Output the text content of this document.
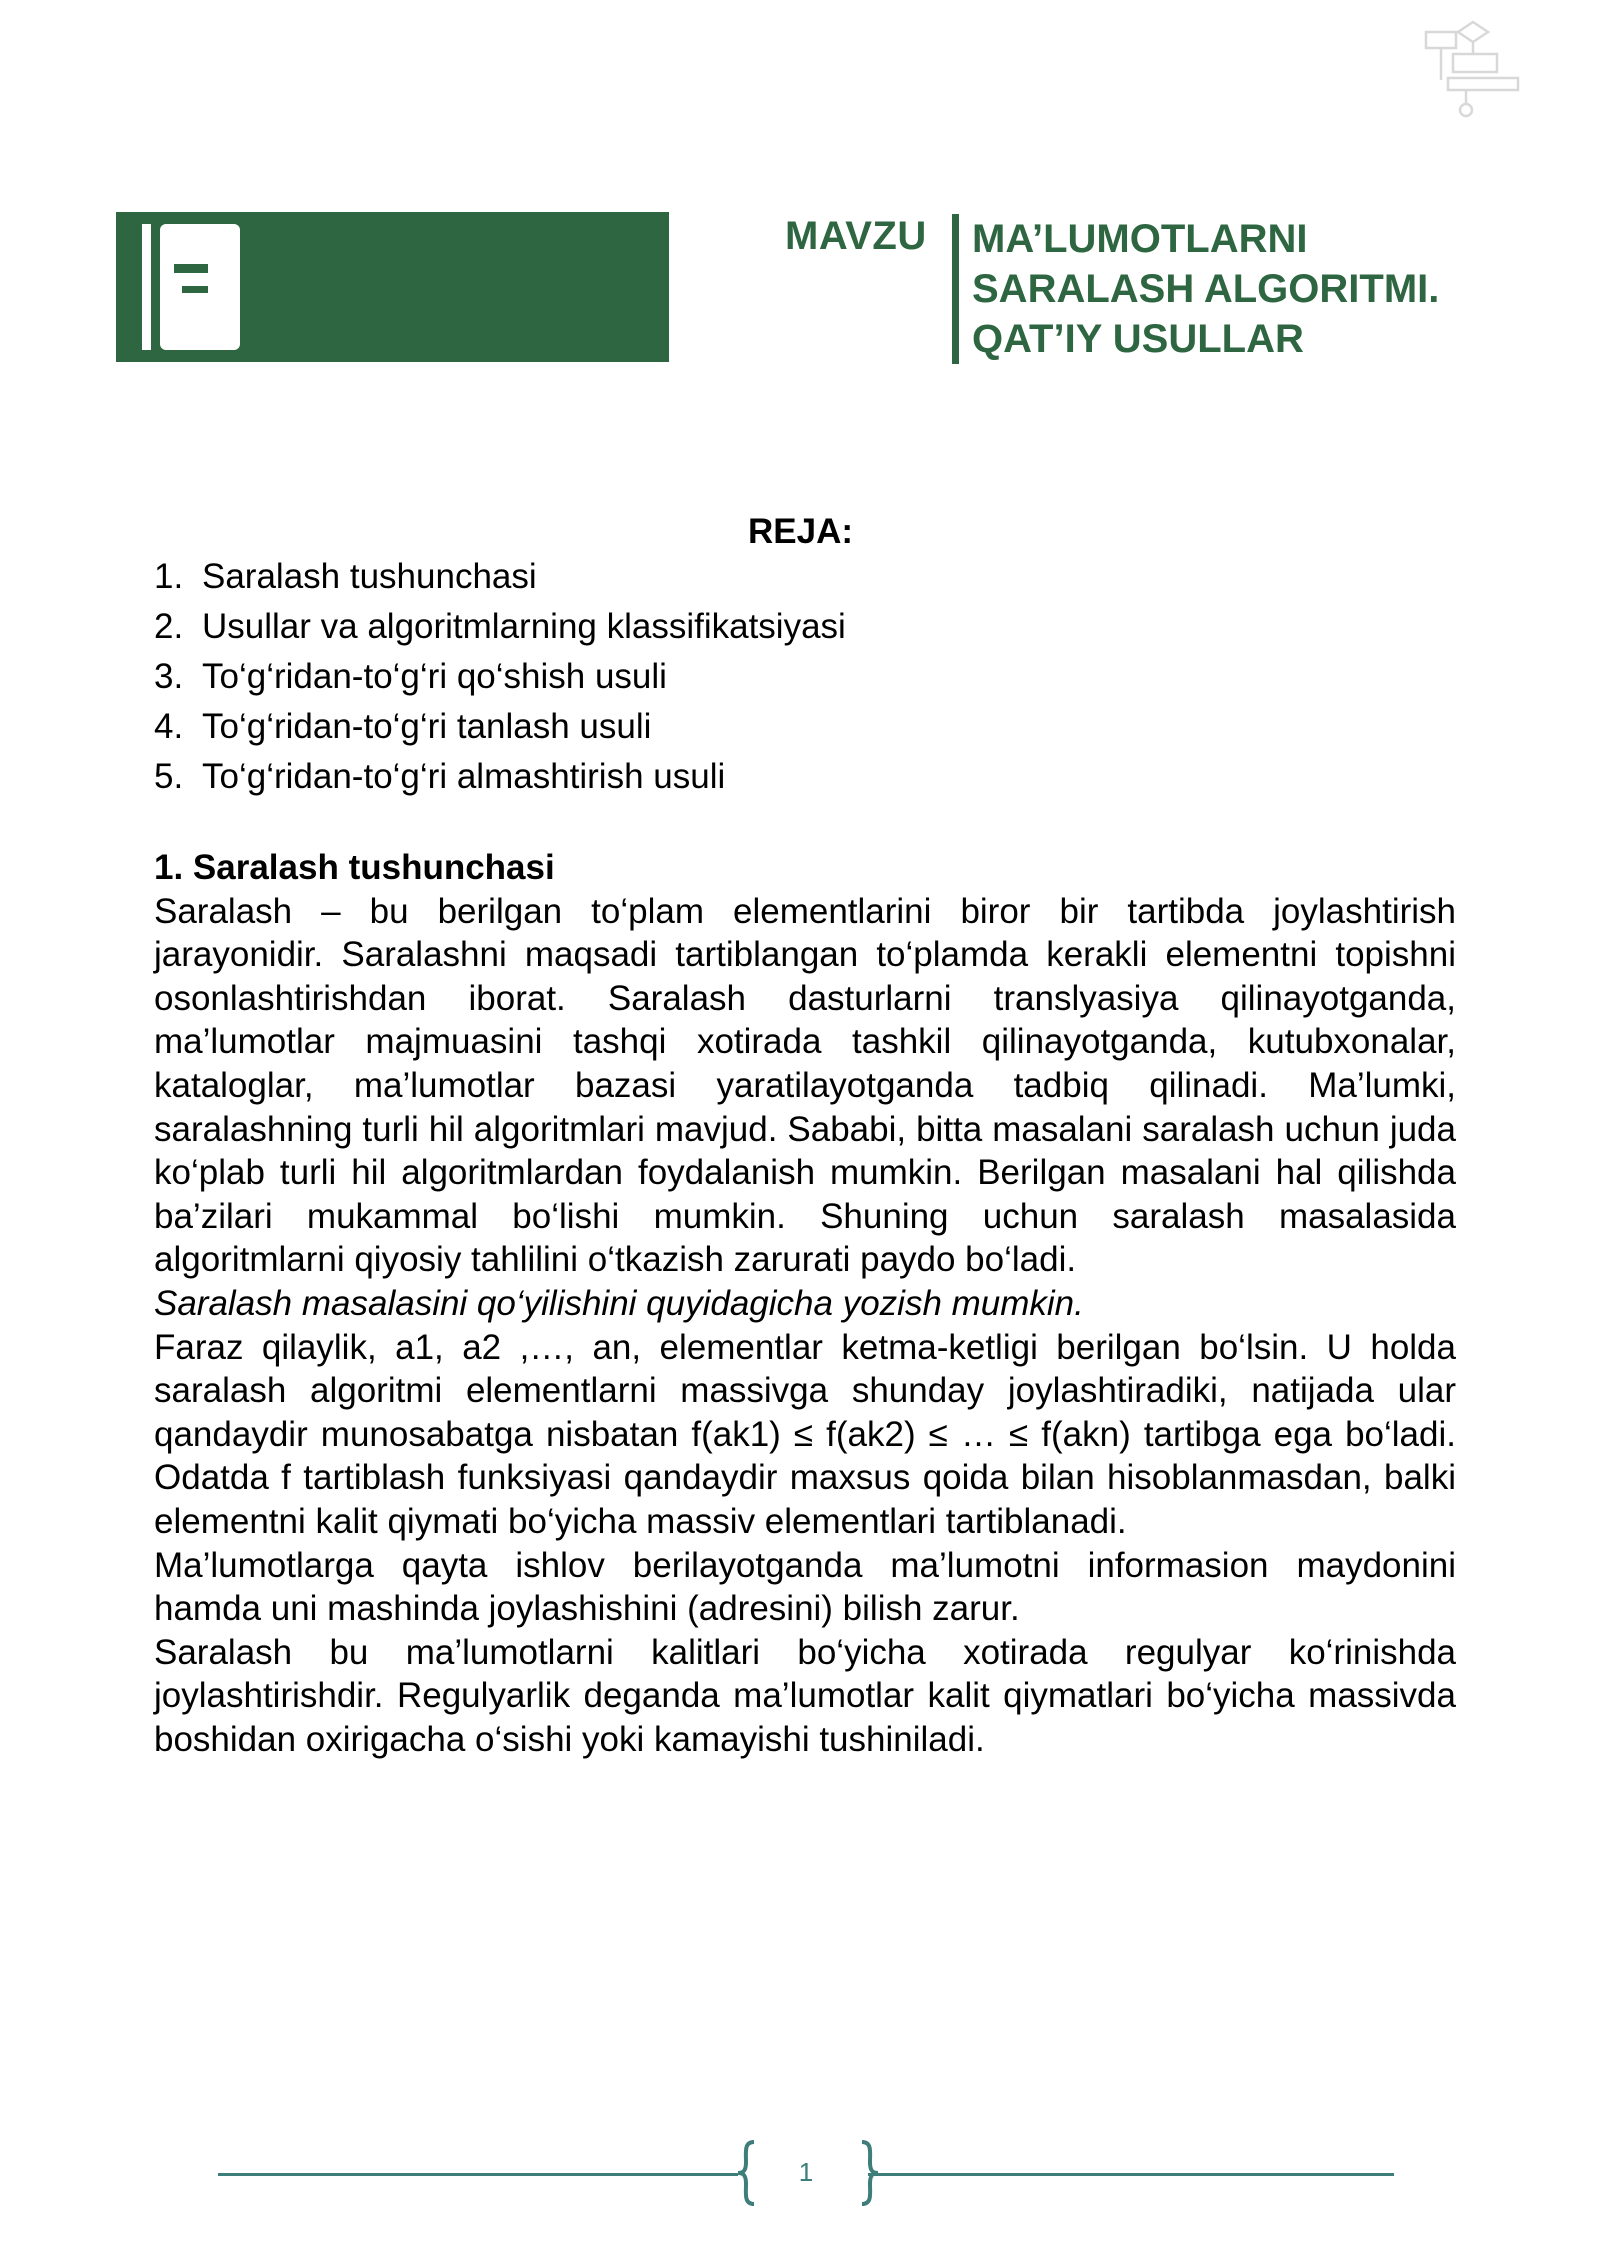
MAVZU MA’LUMOTLARNI
SARALASH ALGORITMI.
QAT’IY USULLAR
REJA:
1. Saralash tushunchasi
2. Usullar va algoritmlarning klassifikatsiyasi
3. To‘g‘ridan-to‘g‘ri qo‘shish usuli
4. To‘g‘ridan-to‘g‘ri tanlash usuli
5. To‘g‘ridan-to‘g‘ri almashtirish usuli
1. Saralash tushunchasi

Saralash – bu berilgan to‘plam elementlarini biror bir tartibda joylashtirish jarayonidir. Saralashni maqsadi tartiblangan to‘plamda kerakli elementni topishni osonlashtirishdan iborat. Saralash dasturlarni translyasiya qilinayotganda, ma’lumotlar majmuasini tashqi xotirada tashkil qilinayotganda, kutubxonalar, kataloglar, ma’lumotlar bazasi yaratilayotganda tadbiq qilinadi. Ma’lumki, saralashning turli hil algoritmlari mavjud. Sababi, bitta masalani saralash uchun juda ko‘plab turli hil algoritmlardan foydalanish mumkin. Berilgan masalani hal qilishda ba’zilari mukammal bo‘lishi mumkin. Shuning uchun saralash masalasida algoritmlarni qiyosiy tahlilini o‘tkazish zarurati paydo bo‘ladi.

Saralash masalasini qo‘yilishini quyidagicha yozish mumkin.

Faraz qilaylik, a1, a2 ,…, an, elementlar ketma-ketligi berilgan bo‘lsin. U holda saralash algoritmi elementlarni massivga shunday joylashtiradiki, natijada ular qandaydir munosabatga nisbatan f(ak1) ≤ f(ak2) ≤ … ≤ f(akn) tartibga ega bo‘ladi. Odatda f tartiblash funksiyasi qandaydir maxsus qoida bilan hisoblanmasdan, balki elementni kalit qiymati bo‘yicha massiv elementlari tartiblanadi.

Ma’lumotlarga qayta ishlov berilayotganda ma’lumotni informasion maydonini hamda uni mashinda joylashishini (adresini) bilish zarur.

Saralash bu ma’lumotlarni kalitlari bo‘yicha xotirada regulyar ko‘rinishda joylashtirishdir. Regulyarlik deganda ma’lumotlar kalit qiymatlari bo‘yicha massivda boshidan oxirigacha o‘sishi yoki kamayishi tushiniladi.

1
